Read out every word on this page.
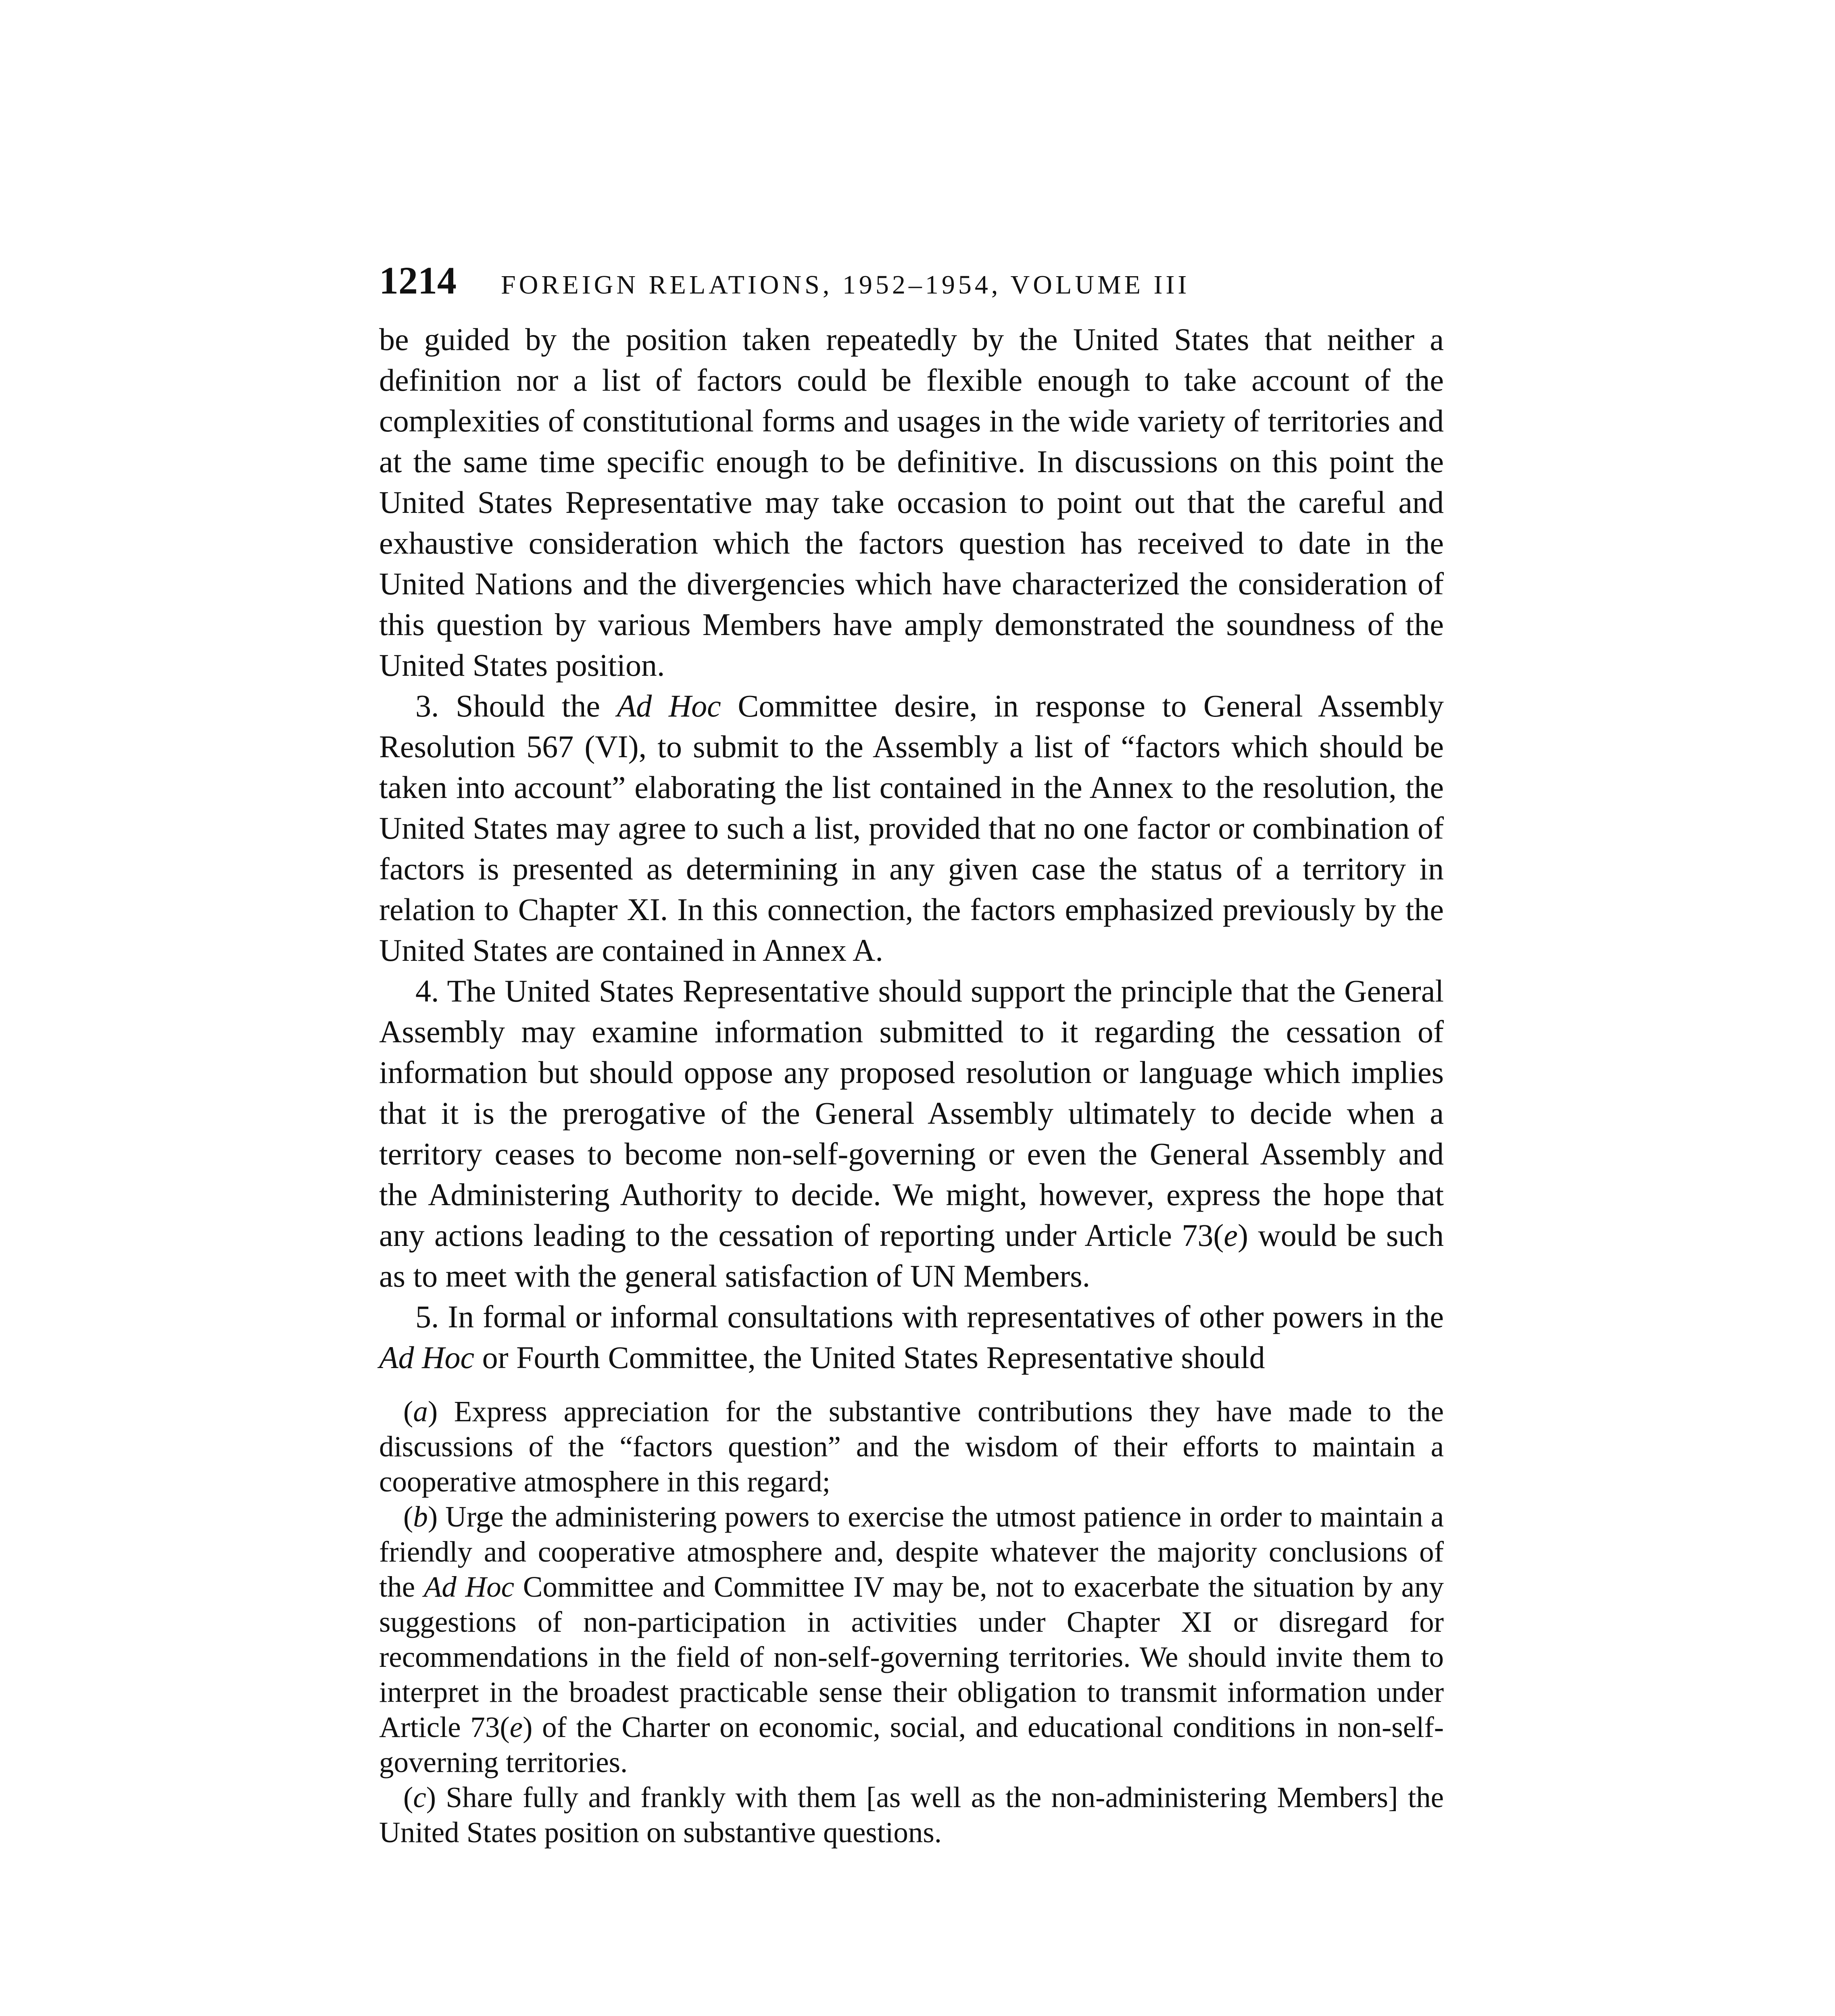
1214 FOREIGN RELATIONS, 1952–1954, VOLUME III

be guided by the position taken repeatedly by the United States that neither a definition nor a list of factors could be flexible enough to take account of the complexities of constitutional forms and usages in the wide variety of territories and at the same time specific enough to be definitive. In discussions on this point the United States Representative may take occasion to point out that the careful and exhaustive consideration which the factors question has received to date in the United Nations and the divergencies which have characterized the consideration of this question by various Members have amply demonstrated the soundness of the United States position.

3. Should the Ad Hoc Committee desire, in response to General Assembly Resolution 567 (VI), to submit to the Assembly a list of “factors which should be taken into account” elaborating the list contained in the Annex to the resolution, the United States may agree to such a list, provided that no one factor or combination of factors is presented as determining in any given case the status of a territory in relation to Chapter XI. In this connection, the factors emphasized previously by the United States are contained in Annex A.

4. The United States Representative should support the principle that the General Assembly may examine information submitted to it regarding the cessation of information but should oppose any proposed resolution or language which implies that it is the prerogative of the General Assembly ultimately to decide when a territory ceases to become non-self-governing or even the General Assembly and the Administering Authority to decide. We might, however, express the hope that any actions leading to the cessation of reporting under Article 73(e) would be such as to meet with the general satisfaction of UN Members.

5. In formal or informal consultations with representatives of other powers in the Ad Hoc or Fourth Committee, the United States Representative should

(a) Express appreciation for the substantive contributions they have made to the discussions of the “factors question” and the wisdom of their efforts to maintain a cooperative atmosphere in this regard;

(b) Urge the administering powers to exercise the utmost patience in order to maintain a friendly and cooperative atmosphere and, despite whatever the majority conclusions of the Ad Hoc Committee and Committee IV may be, not to exacerbate the situation by any suggestions of non-participation in activities under Chapter XI or disregard for recommendations in the field of non-self-governing territories. We should invite them to interpret in the broadest practicable sense their obligation to transmit information under Article 73(e) of the Charter on economic, social, and educational conditions in non-self-governing territories.

(c) Share fully and frankly with them [as well as the non-administering Members] the United States position on substantive questions.
